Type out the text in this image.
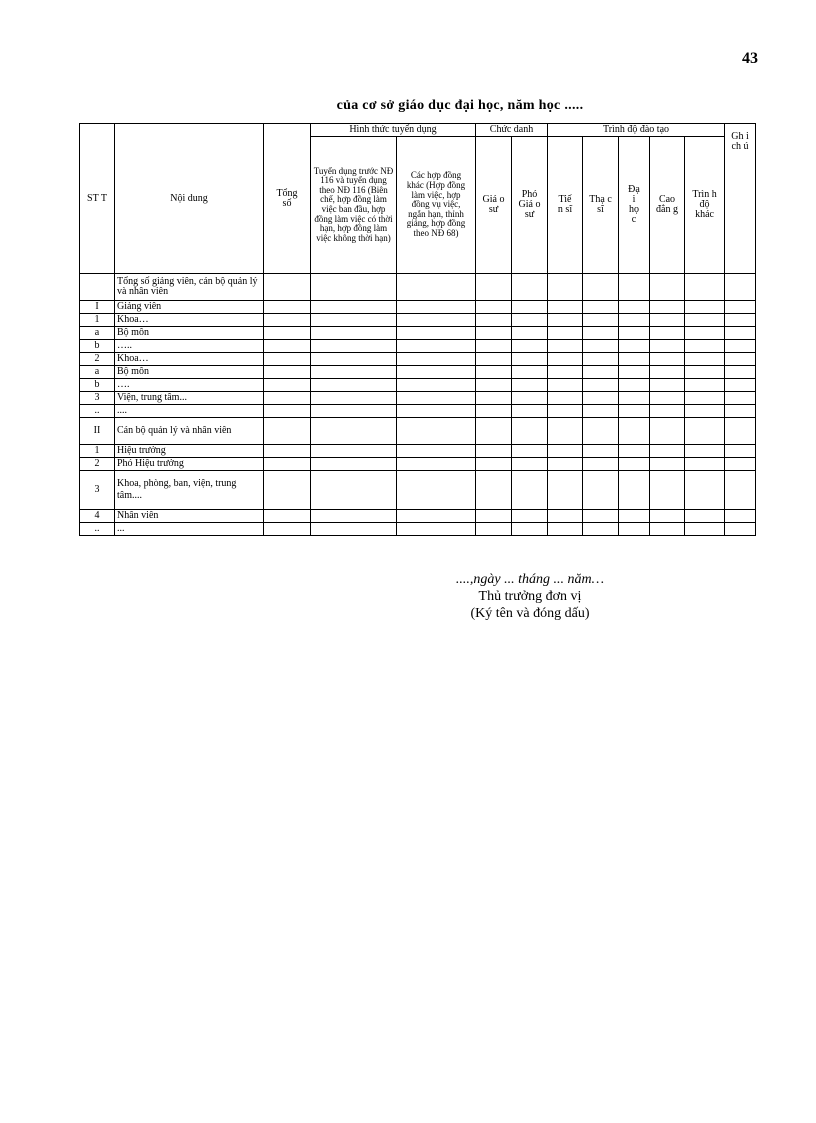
43
của cơ sở giáo dục đại học, năm học .....
ST T	Nội dung	Tổng số	Hình thức tuyển dụng		Chức danh		Trình độ đào tạo					Gh i ch ú
			Tuyển dụng trước NĐ 116 và tuyển dụng theo NĐ 116 (Biên chế, hợp đồng làm việc ban đầu, hợp đồng làm việc có thời hạn, hợp đồng làm việc không thời hạn)	Các hợp đồng khác (Hợp đồng làm việc, hợp đồng vụ việc, ngắn hạn, thỉnh giảng, hợp đồng theo NĐ 68)	Giá o sư	Phó Giá o sư	Tiế n sĩ	Thạ c sĩ	Đạ i họ c	Cao đẳn g	Trìn h độ khác	
	Tổng số giảng viên, cán bộ quản lý và nhân viên											
I	Giảng viên											
1	Khoa…											
a	Bộ môn											
b	…..											
2	Khoa…											
a	Bộ môn											
b	….											
3	Viện, trung tâm...											
..	....											
II	Cán bộ quản lý và nhân viên											
1	Hiệu trưởng											
2	Phó Hiệu trưởng											
3	Khoa, phòng, ban, viện, trung tâm....											
4	Nhân viên											
..	...											
....,ngày ... tháng ... năm…
Thủ trưởng đơn vị
(Ký tên và đóng dấu)
